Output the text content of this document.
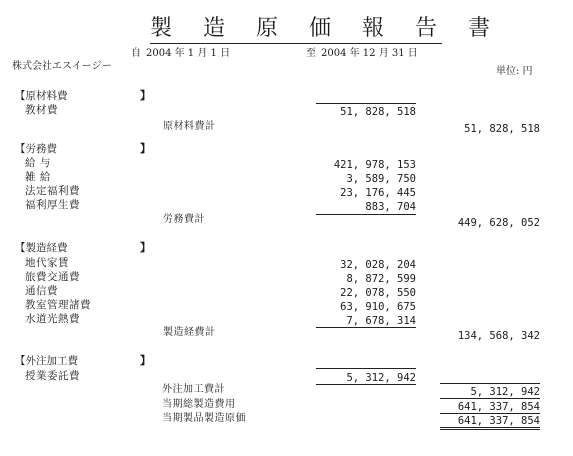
製 造 原 価 報 告 書
自 2004 年 1 月 1 日	至 2004 年 12 月 31 日
株式会社エスイージー	単位: 円
【原材料費	】
教材費	51, 828, 518
原材料費計	51, 828, 518
【労務費	】
給 与	421, 978, 153
雑 給	3, 589, 750
法定福利費	23, 176, 445
福利厚生費	883, 704
労務費計	449, 628, 052
【製造経費	】
地代家賃	32, 028, 204
旅費交通費	8, 872, 599
通信費	22, 078, 550
教室管理諸費	63, 910, 675
水道光熱費	7, 678, 314
製造経費計	134, 568, 342
【外注加工費	】
授業委託費	5, 312, 942
外注加工費計	5, 312, 942
当期総製造費用	641, 337, 854
当期製品製造原価	641, 337, 854
